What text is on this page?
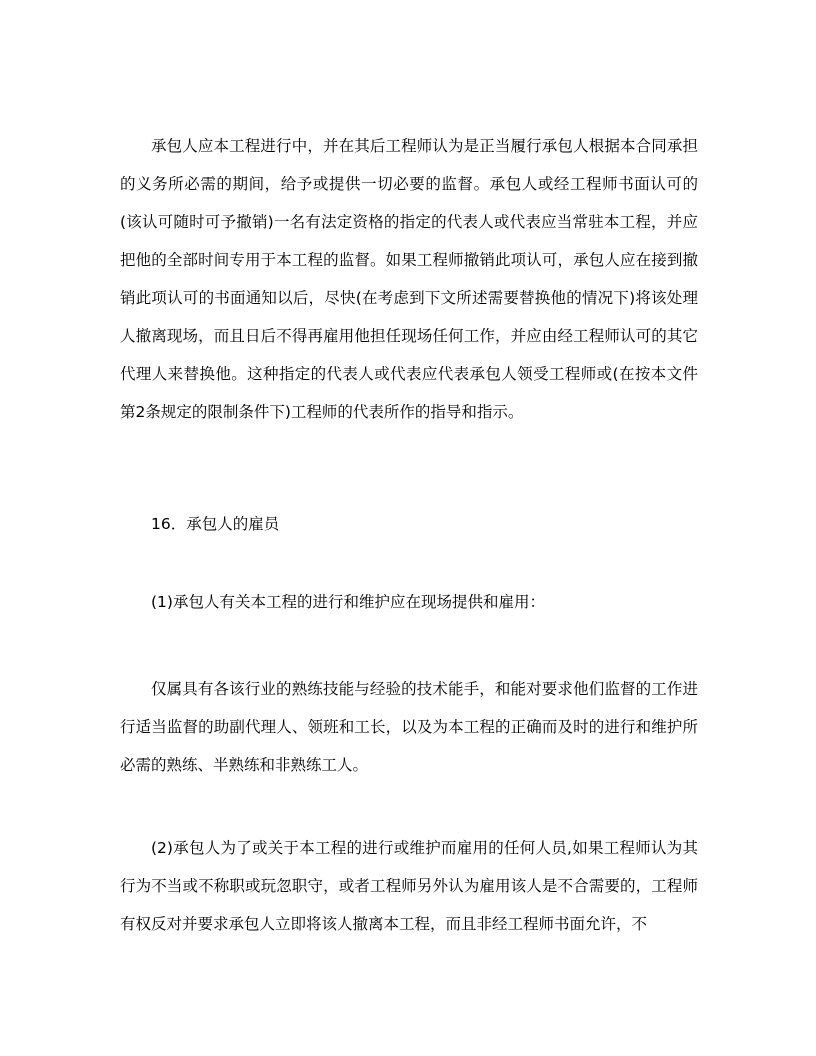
承包人应本工程进行中，并在其后工程师认为是正当履行承包人根据本合同承担的义务所必需的期间，给予或提供一切必要的监督。承包人或经工程师书面认可的(该认可随时可予撤销)一名有法定资格的指定的代表人或代表应当常驻本工程，并应把他的全部时间专用于本工程的监督。如果工程师撤销此项认可，承包人应在接到撤销此项认可的书面通知以后，尽快(在考虑到下文所述需要替换他的情况下)将该处理人撤离现场，而且日后不得再雇用他担任现场任何工作，并应由经工程师认可的其它代理人来替换他。这种指定的代表人或代表应代表承包人领受工程师或(在按本文件第2条规定的限制条件下)工程师的代表所作的指导和指示。

16．承包人的雇员

(1)承包人有关本工程的进行和维护应在现场提供和雇用：

仅属具有各该行业的熟练技能与经验的技术能手，和能对要求他们监督的工作进行适当监督的助副代理人、领班和工长，以及为本工程的正确而及时的进行和维护所必需的熟练、半熟练和非熟练工人。

(2)承包人为了或关于本工程的进行或维护而雇用的任何人员,如果工程师认为其行为不当或不称职或玩忽职守，或者工程师另外认为雇用该人是不合需要的，工程师有权反对并要求承包人立即将该人撤离本工程，而且非经工程师书面允许，不
